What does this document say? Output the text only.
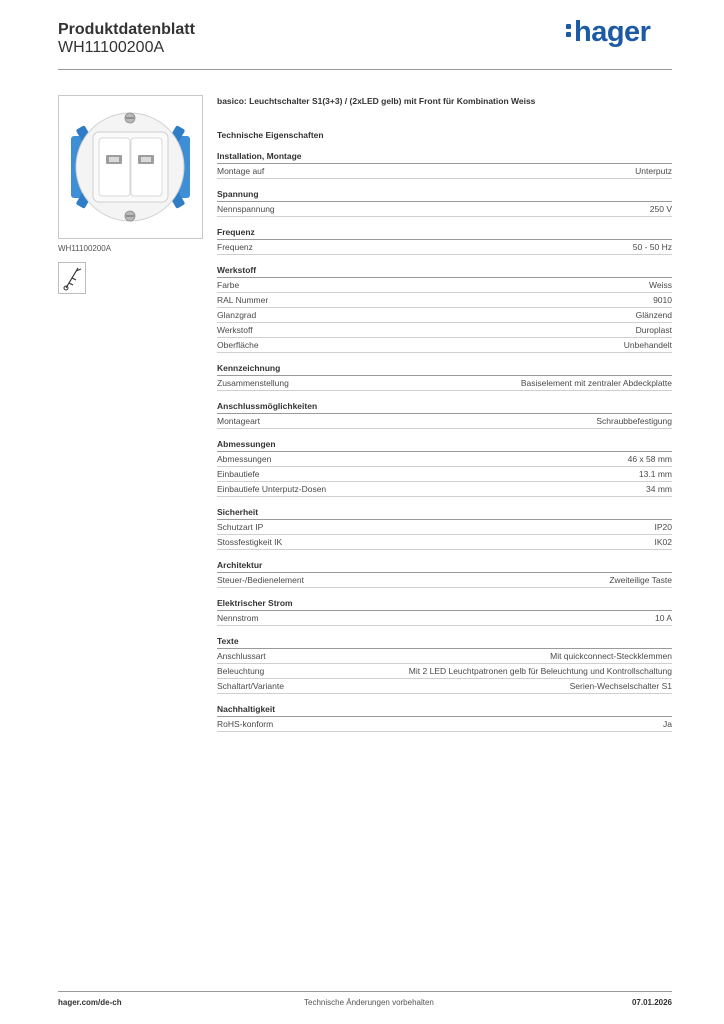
Produktdatenblatt
WH11100200A	hager
WH11100200A
basico: Leuchtschalter S1(3+3) / (2xLED gelb) mit Front für Kombination Weiss
Technische Eigenschaften
Installation, Montage
Montage auf	Unterputz
Spannung
Nennspannung	250 V
Frequenz
Frequenz	50 - 50 Hz
Werkstoff
Farbe	Weiss
RAL Nummer	9010
Glanzgrad	Glänzend
Werkstoff	Duroplast
Oberfläche	Unbehandelt
Kennzeichnung
Zusammenstellung	Basiselement mit zentraler Abdeckplatte
Anschlussmöglichkeiten
Montageart	Schraubbefestigung
Abmessungen
Abmessungen	46 x 58 mm
Einbautiefe	13.1 mm
Einbautiefe Unterputz-Dosen	34 mm
Sicherheit
Schutzart IP	IP20
Stossfestigkeit IK	IK02
Architektur
Steuer-/Bedienelement	Zweiteilige Taste
Elektrischer Strom
Nennstrom	10 A
Texte
Anschlussart	Mit quickconnect-Steckklemmen
Beleuchtung	Mit 2 LED Leuchtpatronen gelb für Beleuchtung und Kontrollschaltung
Schaltart/Variante	Serien-Wechselschalter S1
Nachhaltigkeit
RoHS-konform	Ja
hager.com/de-ch	Technische Änderungen vorbehalten	07.01.2026
